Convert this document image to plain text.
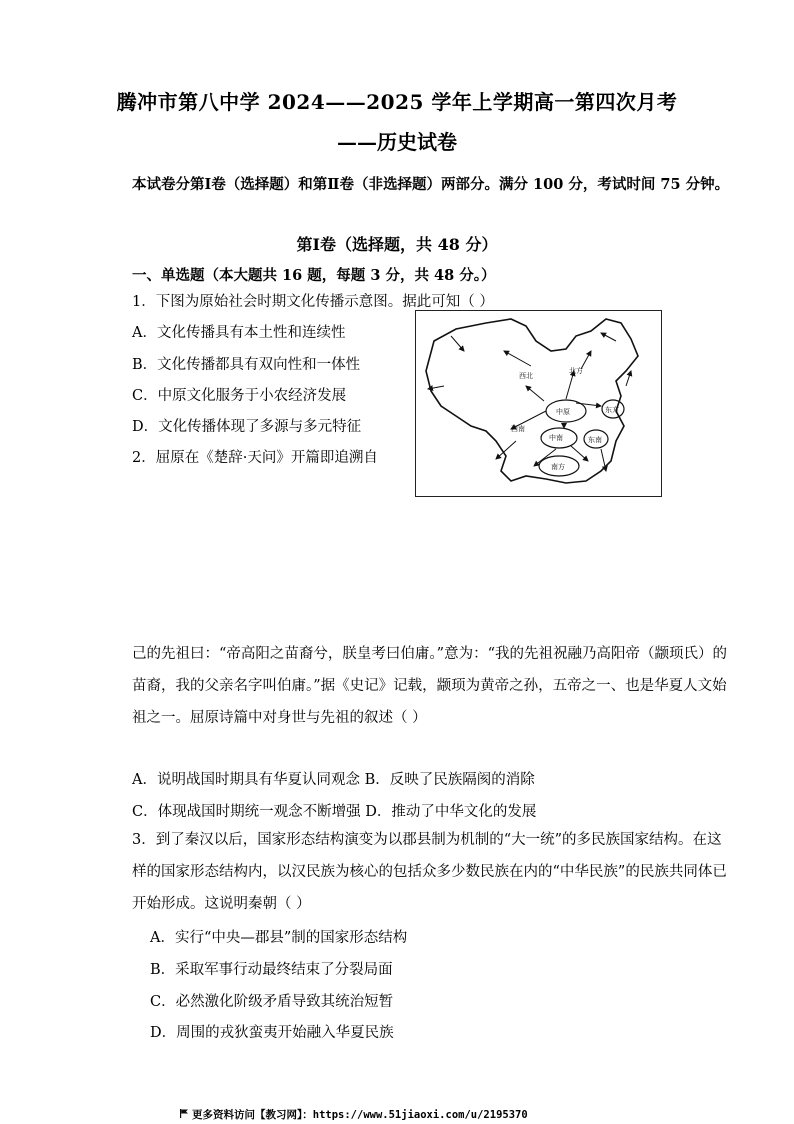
腾冲市第八中学 2024——2025 学年上学期高一第四次月考
——历史试卷
本试卷分第Ⅰ卷（选择题）和第Ⅱ卷（非选择题）两部分。满分 100 分，考试时间 75 分钟。
第Ⅰ卷（选择题，共 48 分）
一、单选题（本大题共 16 题，每题 3 分，共 48 分。）
1．下图为原始社会时期文化传播示意图。据此可知（ ）
A．文化传播具有本土性和连续性
B．文化传播都具有双向性和一体性
C．中原文化服务于小农经济发展
D．文化传播体现了多源与多元特征
2．屈原在《楚辞·天问》开篇即追溯自
西北
北方
中原	东方
西南
中南	东南
南方
己的先祖曰：“帝高阳之苗裔兮，朕皇考曰伯庸。”意为：“我的先祖祝融乃高阳帝（颛顼氏）的苗裔，我的父亲名字叫伯庸。”据《史记》记载，颛顼为黄帝之孙，五帝之一、也是华夏人文始祖之一。屈原诗篇中对身世与先祖的叙述（ ）
A．说明战国时期具有华夏认同观念 B．反映了民族隔阂的消除
C．体现战国时期统一观念不断增强 D．推动了中华文化的发展
3．到了秦汉以后，国家形态结构演变为以郡县制为机制的“大一统”的多民族国家结构。在这样的国家形态结构内，以汉民族为核心的包括众多少数民族在内的“中华民族”的民族共同体已开始形成。这说明秦朝（ ）
A．实行“中央—郡县”制的国家形态结构
B．采取军事行动最终结束了分裂局面
C．必然激化阶级矛盾导致其统治短暂
D．周围的戎狄蛮夷开始融入华夏民族
更多资料访问【教习网】：https://www.51jiaoxi.com/u/2195370
